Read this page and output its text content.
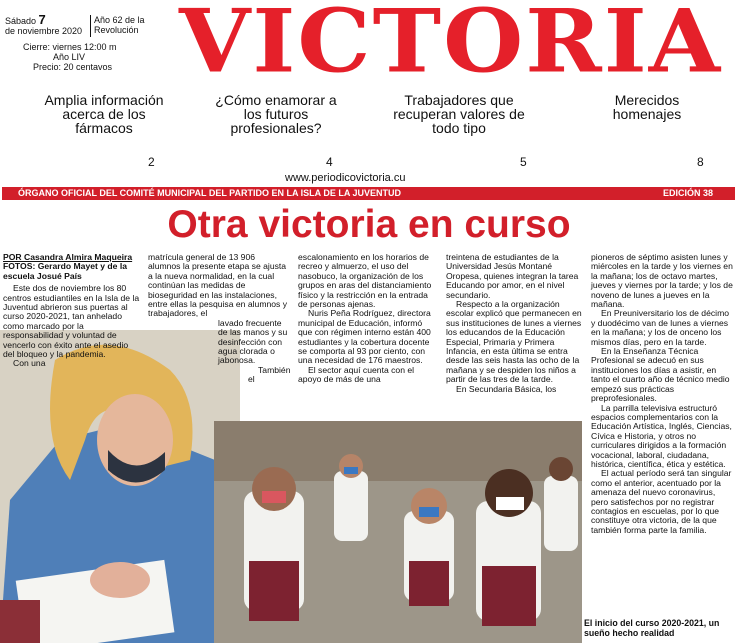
Sábado 7
de noviembre 2020
Año 62 de la
Revolución
Cierre: viernes 12:00 m
Año LIV
Precio: 20 centavos VICTORIA
Amplia información acerca de los fármacos
2
¿Cómo enamorar a los futuros profesionales?
4
Trabajadores que recuperan valores de todo tipo
5
Merecidos homenajes
8
www.periodicovictoria.cu
ÓRGANO OFICIAL DEL COMITÉ MUNICIPAL DEL PARTIDO EN LA ISLA DE LA JUVENTUD	EDICIÓN 38
Otra victoria en curso
POR Casandra Almira Maqueira
FOTOS: Gerardo Mayet y de la escuela Josué País
Este dos de noviembre los 80 centros estudiantiles en la Isla de la Juventud abrieron sus puertas al curso 2020-2021, tan anhelado como marcado por la responsabilidad y voluntad de vencerlo con éxito ante el asedio del bloqueo y la pandemia.
Con una
matrícula general de 13 906 alumnos la presente etapa se ajusta a la nueva normalidad, en la cual continúan las medidas de bioseguridad en las instalaciones, entre ellas la pesquisa en alumnos y trabajadores, el
lavado frecuente de las manos y su desinfección con agua clorada o jabonosa.
También el
escalonamiento en los horarios de recreo y almuerzo, el uso del nasobuco, la organización de los grupos en aras del distanciamiento físico y la restricción en la entrada de personas ajenas.
Nuris Peña Rodríguez, directora municipal de Educación, informó que con régimen interno están 400 estudiantes y la cobertura docente se comporta al 93 por ciento, con una necesidad de 176 maestros.
El sector aquí cuenta con el apoyo de más de una
treintena de estudiantes de la Universidad Jesús Montané Oropesa, quienes integran la tarea Educando por amor, en el nivel secundario.
Respecto a la organización escolar explicó que permanecen en sus instituciones de lunes a viernes los educandos de la Educación Especial, Primaria y Primera Infancia, en esta última se entra desde las seis hasta las ocho de la mañana y se despiden los niños a partir de las tres de la tarde.
En Secundaria Básica, los
pioneros de séptimo asisten lunes y miércoles en la tarde y los viernes en la mañana; los de octavo martes, jueves y viernes por la tarde; y los de noveno de lunes a jueves en la mañana.
En Preuniversitario los de décimo y duodécimo van de lunes a viernes en la mañana; y los de onceno los mismos días, pero en la tarde.
En la Enseñanza Técnica Profesional se adecuó en sus instituciones los días a asistir, en tanto el cuarto año de técnico medio empezó sus prácticas preprofesionales.
La parrilla televisiva estructuró espacios complementarios con la Educación Artística, Inglés, Ciencias, Cívica e Historia, y otros no curriculares dirigidos a la formación vocacional, laboral, ciudadana, histórica, científica, ética y estética.
El actual período será tan singular como el anterior, acentuado por la amenaza del nuevo coronavirus, pero satisfechos por no registrar contagios en escuelas, por lo que constituye otra victoria, de la que también forma parte la familia.
El inicio del curso 2020-2021, un sueño hecho realidad
